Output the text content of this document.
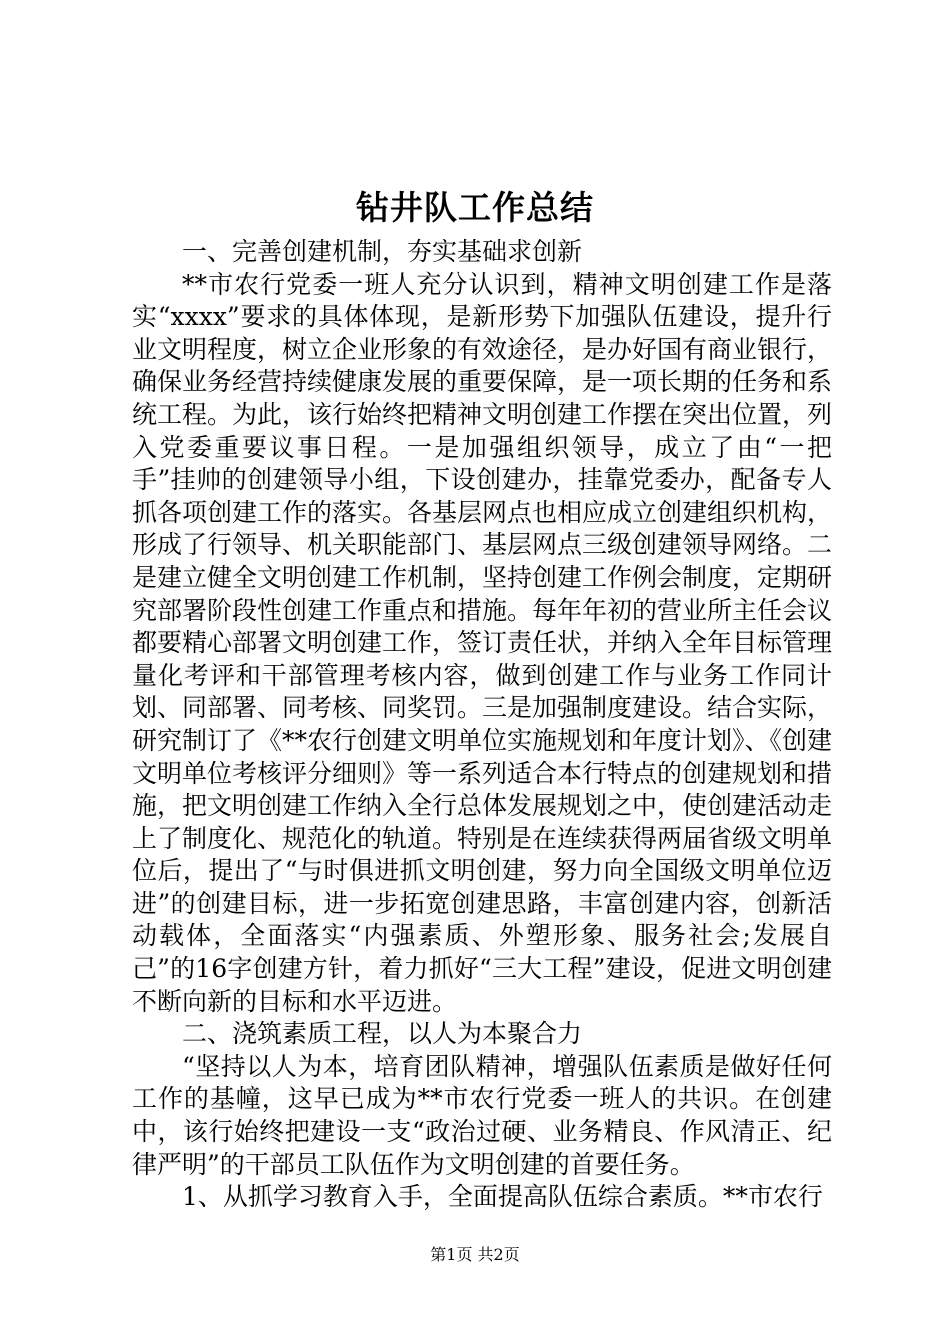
钻井队工作总结

一、完善创建机制，夯实基础求创新

**市农行党委一班人充分认识到，精神文明创建工作是落实“xxxx”要求的具体体现，是新形势下加强队伍建设，提升行业文明程度，树立企业形象的有效途径，是办好国有商业银行，确保业务经营持续健康发展的重要保障，是一项长期的任务和系统工程。为此，该行始终把精神文明创建工作摆在突出位置，列入党委重要议事日程。一是加强组织领导，成立了由“一把手”挂帅的创建领导小组，下设创建办，挂靠党委办，配备专人抓各项创建工作的落实。各基层网点也相应成立创建组织机构，形成了行领导、机关职能部门、基层网点三级创建领导网络。二是建立健全文明创建工作机制，坚持创建工作例会制度，定期研究部署阶段性创建工作重点和措施。每年年初的营业所主任会议都要精心部署文明创建工作，签订责任状，并纳入全年目标管理量化考评和干部管理考核内容，做到创建工作与业务工作同计划、同部署、同考核、同奖罚。三是加强制度建设。结合实际，研究制订了《**农行创建文明单位实施规划和年度计划》、《创建文明单位考核评分细则》等一系列适合本行特点的创建规划和措施，把文明创建工作纳入全行总体发展规划之中，使创建活动走上了制度化、规范化的轨道。特别是在连续获得两届省级文明单位后，提出了“与时俱进抓文明创建，努力向全国级文明单位迈进”的创建目标，进一步拓宽创建思路，丰富创建内容，创新活动载体，全面落实“内强素质、外塑形象、服务社会;发展自己”的16字创建方针，着力抓好“三大工程”建设，促进文明创建不断向新的目标和水平迈进。

二、浇筑素质工程，以人为本聚合力

“坚持以人为本，培育团队精神，增强队伍素质是做好任何工作的基幢，这早已成为**市农行党委一班人的共识。在创建中，该行始终把建设一支“政治过硬、业务精良、作风清正、纪律严明”的干部员工队伍作为文明创建的首要任务。

1、从抓学习教育入手，全面提高队伍综合素质。**市农行

第1页 共2页
